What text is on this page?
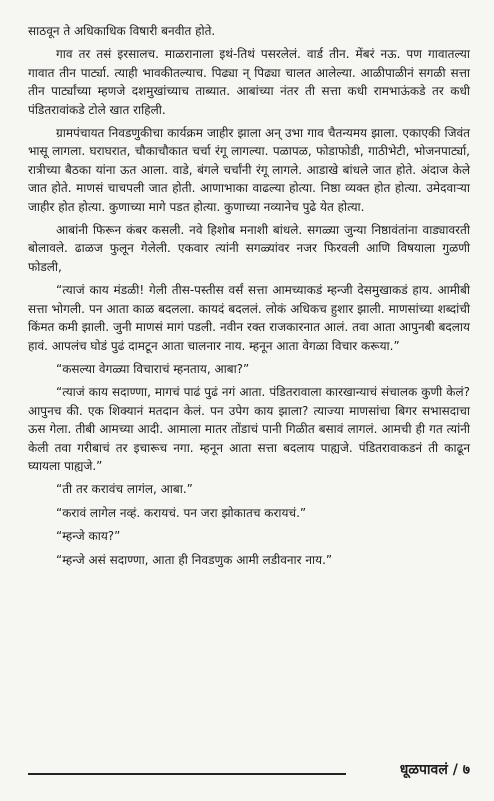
साठवून ते अधिकाधिक विषारी बनवीत होते.

गाव तर तसं इरसालच. माळरानाला इथं-तिथं पसरलेलं. वार्ड तीन. मेंबरं नऊ. पण गावातल्या गावात तीन पार्ट्या. त्याही भावकीतल्याच. पिढ्या न् पिढ्या चालत आलेल्या. आळीपाळीनं सगळी सत्ता तीन पार्ट्यांच्या म्हणजे दशमुखांच्याच ताब्यात. आबांच्या नंतर ती सत्ता कधी रामभाऊंकडे तर कधी पंडितरावांकडे टोले खात राहिली.

ग्रामपंचायत निवडणुकीचा कार्यक्रम जाहीर झाला अन् उभा गाव चैतन्यमय झाला. एकाएकी जिवंत भासू लागला. घराघरात, चौकाचौकात चर्चा रंगू लागल्या. पळापळ, फोडाफोडी, गाठीभेटी, भोजनपार्ट्या, रात्रीच्या बैठका यांना ऊत आला. वाडे, बंगले चर्चांनी रंगू लागले. आडाखे बांधले जात होते. अंदाज केले जात होते. माणसं चाचपली जात होती. आणाभाका वाढल्या होत्या. निष्ठा व्यक्त होत होत्या. उमेदवाऱ्या जाहीर होत होत्या. कुणाच्या मागे पडत होत्या. कुणाच्या नव्यानेच पुढे येत होत्या.

आबांनी फिरून कंबर कसली. नवे हिशोब मनाशी बांधले. सगळ्या जुन्या निष्ठावंतांना वाड्यावरती बोलावले. ढाळज फुलून गेलेली. एकवार त्यांनी सगळ्यांवर नजर फिरवली आणि विषयाला गुळणी फोडली,

“त्याजं काय मंडळी! गेली तीस-पस्तीस वर्सं सत्ता आमच्याकडं म्हन्जी देसमुखाकडं हाय. आमीबी सत्ता भोगली. पन आता काळ बदलला. कायदं बदललं. लोकं अधिकच हुशार झाली. माणसांच्या शब्दांची किंमत कमी झाली. जुनी माणसं मागं पडली. नवीन रक्त राजकारनात आलं. तवा आता आपुनबी बदलाय हावं. आपलंच घोडं पुढं दामटून आता चालनार नाय. म्हनून आता वेगळा विचार करूया.”

“कसल्या वेगळ्या विचाराचं म्हनताय, आबा?”

“त्याजं काय सदाण्णा, मागचं पाढं पुढं नगं आता. पंडितरावाला कारखान्याचं संचालक कुणी केलं? आपुनच की. एक शिक्यानं मतदान केलं. पन उपेग काय झाला? त्याज्या माणसांचा बिगर सभासदाचा ऊस गेला. तीबी आमच्या आदी. आमाला मातर तोंडाचं पानी गिळीत बसावं लागलं. आमची ही गत त्यांनी केली तवा गरीबाचं तर इचारूच नगा. म्हनून आता सत्ता बदलाय पाह्यजे. पंडितरावाकडनं ती काढून घ्यायला पाह्यजे.”

“ती तर करावंच लागंल, आबा.”

“करावं लागेल नव्हं. करायचं. पन जरा झोकातच करायचं.”

“म्हन्जे काय?”

“म्हन्जे असं सदाण्णा, आता ही निवडणुक आमी लडीवनार नाय.”

धूळपावलं / ७
